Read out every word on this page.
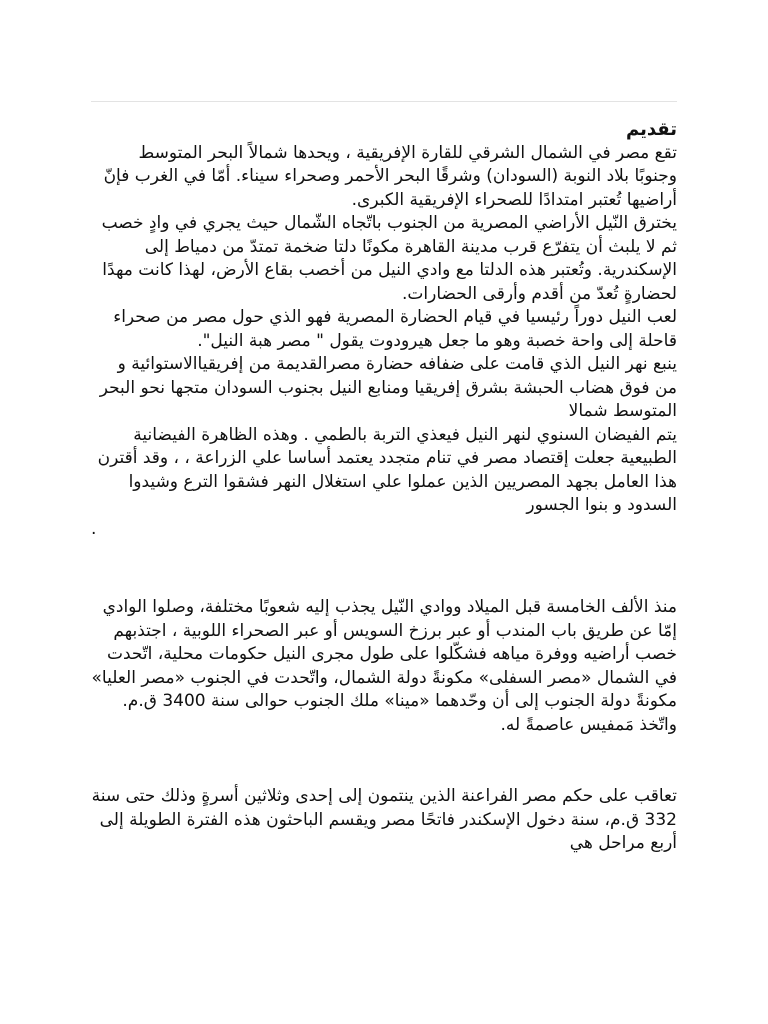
تقديم

تقع مصر في الشمال الشرقي للقارة الإفريقية ، ويحدها شمالاً البحر المتوسط وجنوبًا بلاد النوبة (السودان) وشرقًا البحر الأحمر وصحراء سيناء. أمّا في الغرب فإنّ أراضيها تُعتبر امتدادًا للصحراء الإفريقية الكبرى.

يخترق النّيل الأراضي المصرية من الجنوب باتّجاه الشّمال حيث يجري في وادٍ خصب ثم لا يلبث أن يتفرّع قرب مدينة القاهرة مكونًا دلتا ضخمة تمتدّ من دمياط إلى الإسكندرية. وتُعتبر هذه الدلتا مع وادي النيل من أخصب بقاع الأرض، لهذا كانت مهدًا لحضارةٍ تُعدّ من أقدم وأرقى الحضارات.

لعب النيل دوراً رئيسيا في قيام الحضارة المصرية فهو الذي حول مصر من صحراء قاحلة إلى واحة خصبة وهو ما جعل هيرودوت يقول " مصر هبة النيل".

ينبع نهر النيل الذي قامت على ضفافه حضارة مصرالقديمة من إفريقياالاستوائية و من فوق هضاب الحبشة بشرق إفريقيا ومنابع النيل بجنوب السودان متجها نحو البحر المتوسط شمالا

يتم الفيضان السنوي لنهر النيل فيعذي التربة بالطمي . وهذه الظاهرة الفيضانية الطبيعية جعلت إقتصاد مصر في تنام متجدد يعتمد أساسا علي الزراعة ، ، وقد أقترن هذا العامل بجهد المصريين الذين عملوا علي استغلال النهر فشقوا الترع وشيدوا السدود و بنوا الجسور

.

منذ الألف الخامسة قبل الميلاد ووادي النّيل يجذب إليه شعوبًا مختلفة، وصلوا الوادي إمّا عن طريق باب المندب أو عبر برزخ السويس أو عبر الصحراء اللوبية ، اجتذبهم خصب أراضيه ووفرة مياهه فشكّلوا على طول مجرى النيل حكومات محلية، اتّحدت في الشمال «مصر السفلى» مكونةً دولة الشمال، واتّحدت في الجنوب «مصر العليا» مكونةً دولة الجنوب إلى أن وحّدهما «مينا» ملك الجنوب حوالى سنة 3400 ق.م. واتّخذ مَمفيس عاصمةً له.

تعاقب على حكم مصر الفراعنة الذين ينتمون إلى إحدى وثلاثين أسرةٍ وذلك حتى سنة 332 ق.م، سنة دخول الإسكندر فاتحًا مصر ويقسم الباحثون هذه الفترة الطويلة إلى أربع مراحل هي
